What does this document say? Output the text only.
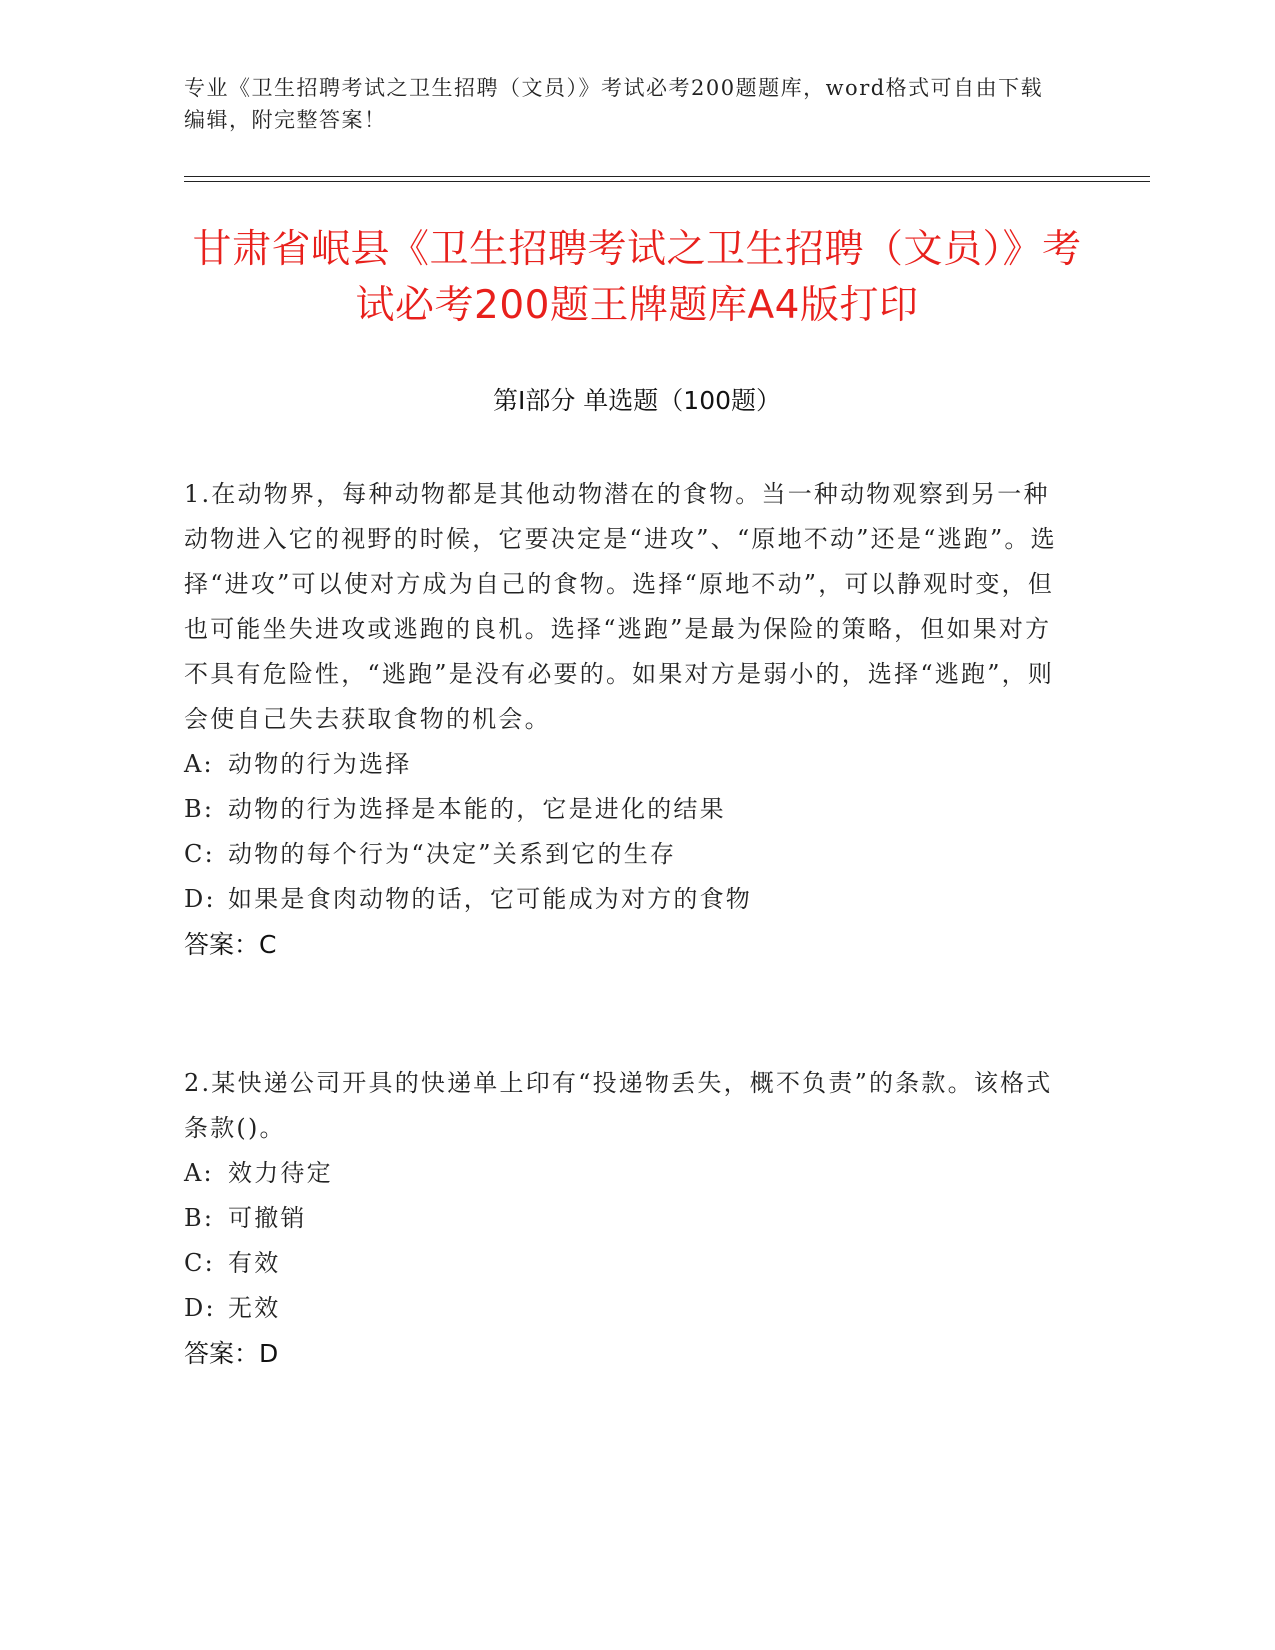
专业《卫生招聘考试之卫生招聘（文员）》考试必考200题题库，word格式可自由下载编辑，附完整答案！
甘肃省岷县《卫生招聘考试之卫生招聘（文员）》考试必考200题王牌题库A4版打印
第Ⅰ部分 单选题（100题）

1.在动物界，每种动物都是其他动物潜在的食物。当一种动物观察到另一种动物进入它的视野的时候，它要决定是“进攻”、“原地不动”还是“逃跑”。选择“进攻”可以使对方成为自己的食物。选择“原地不动”，可以静观时变，但也可能坐失进攻或逃跑的良机。选择“逃跑”是最为保险的策略，但如果对方不具有危险性，“逃跑”是没有必要的。如果对方是弱小的，选择“逃跑”，则会使自己失去获取食物的机会。

A: 动物的行为选择

B: 动物的行为选择是本能的，它是进化的结果

C: 动物的每个行为“决定”关系到它的生存

D: 如果是食肉动物的话，它可能成为对方的食物

答案：C

2.某快递公司开具的快递单上印有“投递物丢失，概不负责”的条款。该格式条款()。

A: 效力待定

B: 可撤销

C: 有效

D: 无效

答案：D
